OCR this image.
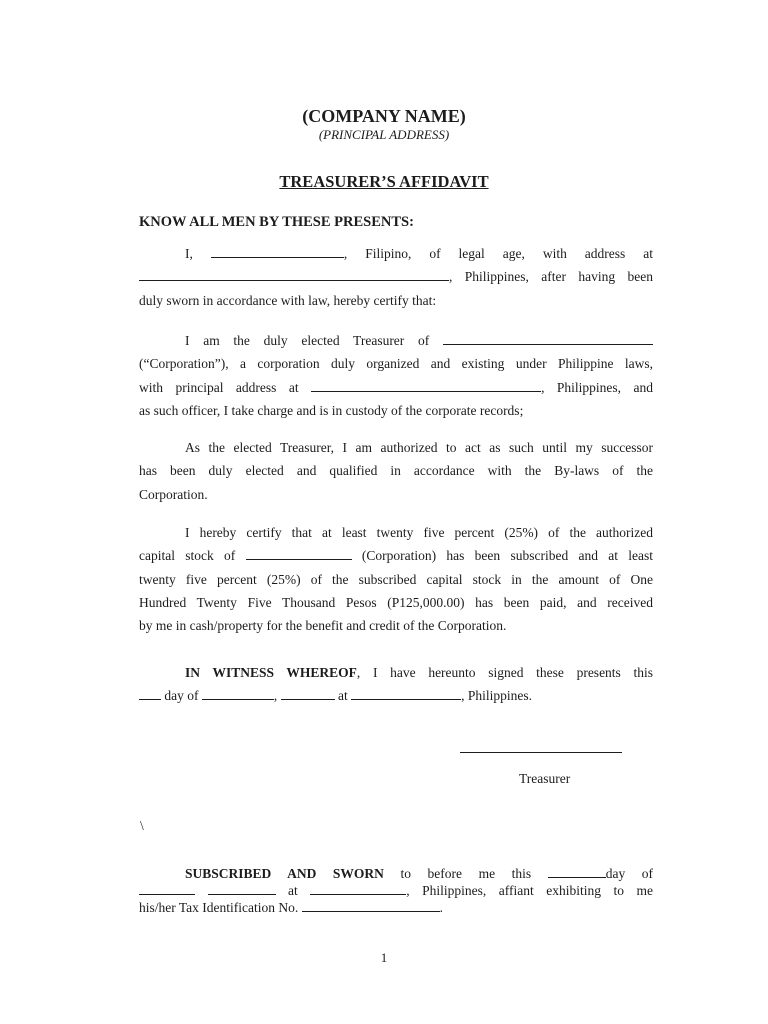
(COMPANY NAME)
(PRINCIPAL ADDRESS)
TREASURER’S AFFIDAVIT
KNOW ALL MEN BY THESE PRESENTS:
I,	, Filipino, of legal age, with address at
, Philippines, after having been
duly sworn in accordance with law, hereby certify that:
I am the duly elected Treasurer of
(“Corporation”), a corporation duly organized and existing under Philippine laws,
with principal address at	, Philippines, and
as such officer, I take charge and is in custody of the corporate records;
As the elected Treasurer, I am authorized to act as such until my successor
has been duly elected and qualified in accordance with the By-laws of the
Corporation.
I hereby certify that at least twenty five percent (25%) of the authorized
capital stock of	(Corporation) has been subscribed and at least
twenty five percent (25%) of the subscribed capital stock in the amount of One
Hundred Twenty Five Thousand Pesos (P125,000.00) has been paid, and received
by me in cash/property for the benefit and credit of the Corporation.
IN WITNESS WHEREOF, I have hereunto signed these presents this
day of	,	at	, Philippines.
Treasurer
\
SUBSCRIBED AND SWORN to before me this	day of
at	, Philippines, affiant exhibiting to me
his/her Tax Identification No.	.
1
